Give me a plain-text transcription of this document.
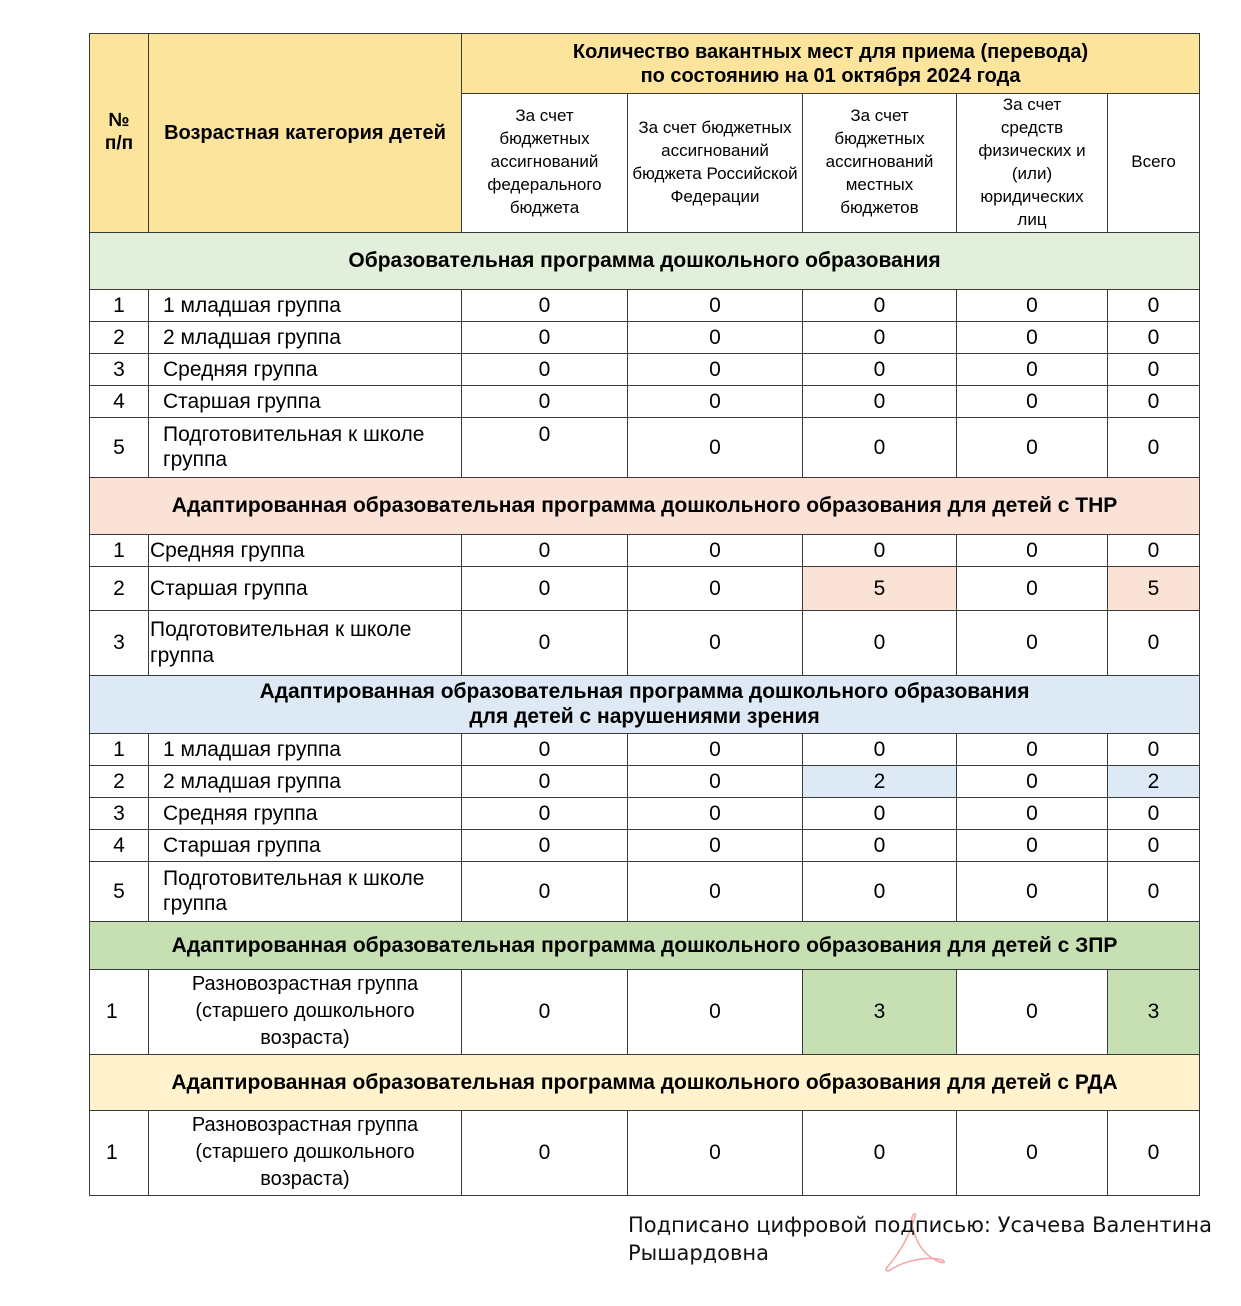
№ п/п	Возрастная категория детей	Количество вакантных мест для приема (перевода)
по состоянию на 01 октября 2024 года				

		За счет бюджетных ассигнований федерального бюджета	За счет бюджетных ассигнований бюджета Российской Федерации	За счет бюджетных ассигнований местных бюджетов	За счет средств физических и (или) юридических лиц	Всего
Образовательная программа дошкольного образования						
1	1 младшая группа	0	0	0	0	0
2	2 младшая группа	0	0	0	0	0
3	Средняя группа	0	0	0	0	0
4	Старшая группа	0	0	0	0	0
5	Подготовительная к школе группа	0	0	0	0	0
Адаптированная образовательная программа дошкольного образования для детей с ТНР						
1	Средняя группа	0	0	0	0	0
2	Старшая группа	0	0	5	0	5
3	Подготовительная к школе группа	0	0	0	0	0

Адаптированная образовательная программа дошкольного образования
для детей с нарушениями зрения						

1	1 младшая группа	0	0	0	0	0
2	2 младшая группа	0	0	2	0	2
3	Средняя группа	0	0	0	0	0
4	Старшая группа	0	0	0	0	0
5	Подготовительная к школе группа	0	0	0	0	0
Адаптированная образовательная программа дошкольного образования для детей с ЗПР						
1	Разновозрастная группа (старшего дошкольного возраста)	0	0	3	0	3
Адаптированная образовательная программа дошкольного образования для детей с РДА						
1	Разновозрастная группа (старшего дошкольного возраста)	0	0	0	0	0
Подписано цифровой подписью: Усачева Валентина
Рышардовна
